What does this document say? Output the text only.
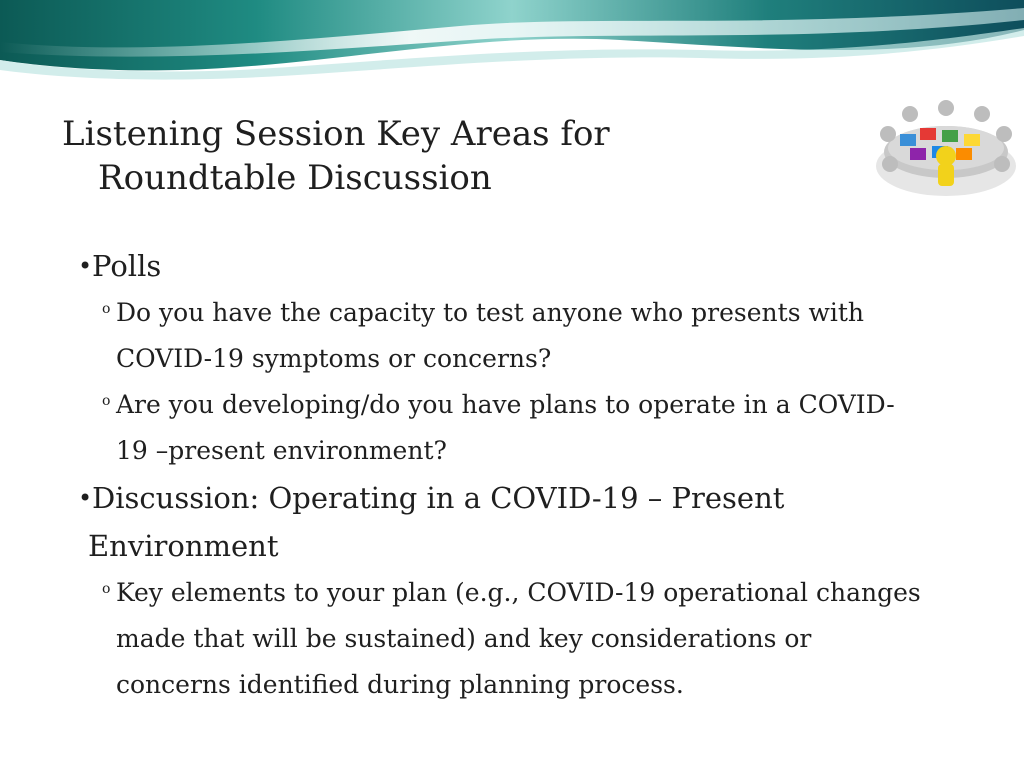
Listening Session Key Areas for
Roundtable Discussion
• Polls
o Do you have the capacity to test anyone who presents with
COVID-19 symptoms or concerns?
o Are you developing/do you have plans to operate in a COVID-
19 –present environment?
• Discussion: Operating in a COVID-19 – Present
Environment
o Key elements to your plan (e.g., COVID-19 operational changes
made that will be sustained) and key considerations or
concerns identified during planning process.
